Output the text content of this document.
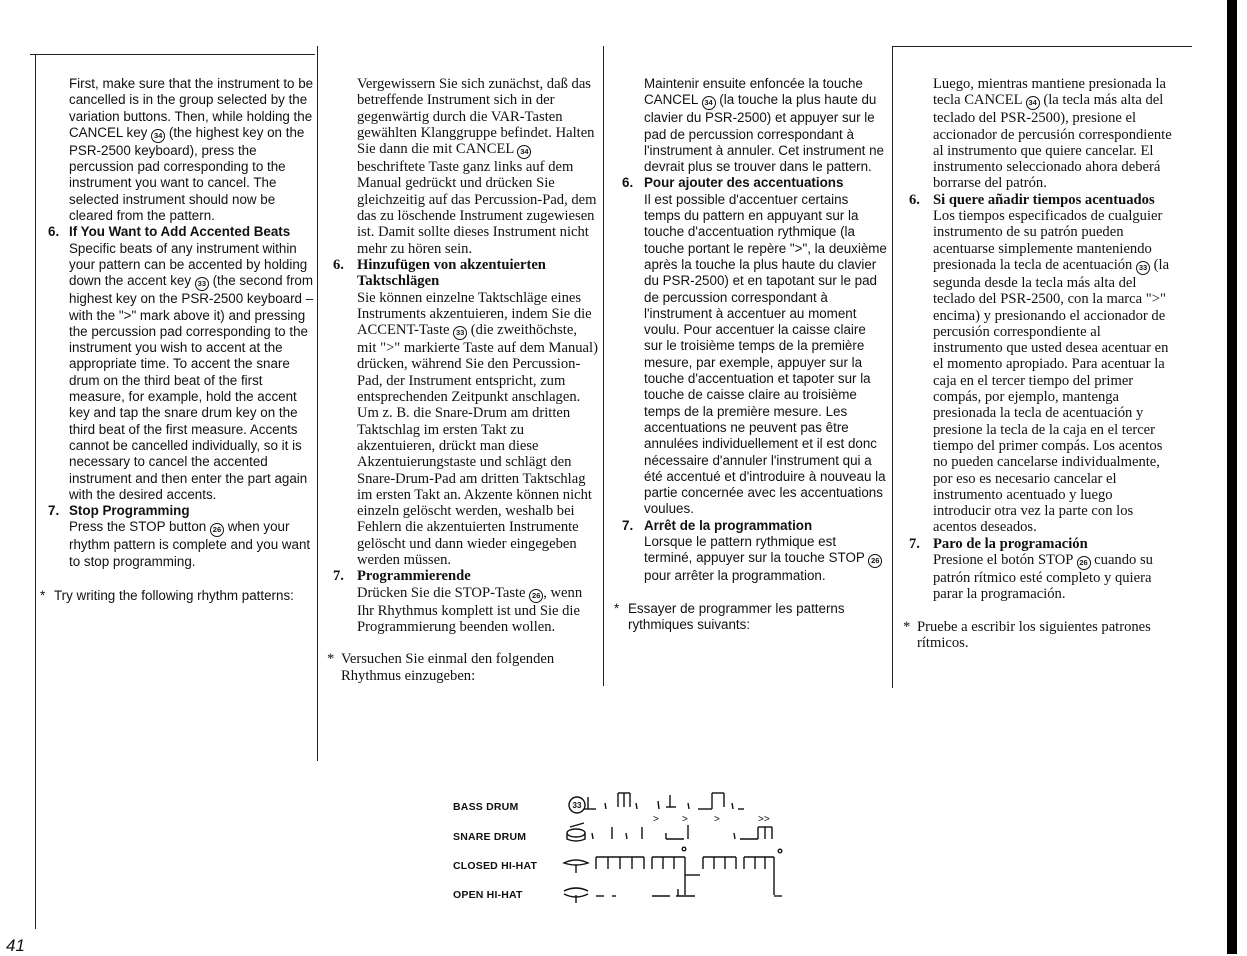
First, make sure that the instrument to be cancelled is in the group selected by the variation buttons. Then, while holding the CANCEL key 34 (the highest key on the PSR-2500 keyboard), press the percussion pad corresponding to the instrument you want to cancel. The selected instrument should now be cleared from the pattern.

6. If You Want to Add Accented Beats
Specific beats of any instrument within your pattern can be accented by holding down the accent key 33 (the second from highest key on the PSR-2500 keyboard – with the ">" mark above it) and pressing the percussion pad corresponding to the instrument you wish to accent at the appropriate time. To accent the snare drum on the third beat of the first measure, for example, hold the accent key and tap the snare drum key on the third beat of the first measure. Accents cannot be cancelled individually, so it is necessary to cancel the accented instrument and then enter the part again with the desired accents.
7. Stop Programming
Press the STOP button 26 when your rhythm pattern is complete and you want to stop programming.

* Try writing the following rhythm patterns:

Vergewissern Sie sich zunächst, daß das betreffende Instrument sich in der gegenwärtig durch die VAR-Tasten gewählten Klanggruppe befindet. Halten Sie dann die mit CANCEL 34 beschriftete Taste ganz links auf dem Manual gedrückt und drücken Sie gleichzeitig auf das Percussion-Pad, dem das zu löschende Instrument zugewiesen ist. Damit sollte dieses Instrument nicht mehr zu hören sein.

6. Hinzufügen von akzentuierten Taktschlägen
Sie können einzelne Taktschläge eines Instruments akzentuieren, indem Sie die ACCENT-Taste 33 (die zweithöchste, mit ">" markierte Taste auf dem Manual) drücken, während Sie den Percussion-Pad, der Instrument entspricht, zum entsprechenden Zeitpunkt anschlagen. Um z. B. die Snare-Drum am dritten Taktschlag im ersten Takt zu akzentuieren, drückt man diese Akzentuierungstaste und schlägt den Snare-Drum-Pad am dritten Taktschlag im ersten Takt an. Akzente können nicht einzeln gelöscht werden, weshalb bei Fehlern die akzentuierten Instrumente gelöscht und dann wieder eingegeben werden müssen.
7. Programmierende
Drücken Sie die STOP-Taste 26 , wenn Ihr Rhythmus komplett ist und Sie die Programmierung beenden wollen.

* Versuchen Sie einmal den folgenden Rhythmus einzugeben:

Maintenir ensuite enfoncée la touche CANCEL 34 (la touche la plus haute du clavier du PSR-2500) et appuyer sur le pad de percussion correspondant à l'instrument à annuler. Cet instrument ne devrait plus se trouver dans le pattern.

6. Pour ajouter des accentuations
Il est possible d'accentuer certains temps du pattern en appuyant sur la touche d'accentuation rythmique (la touche portant le repère ">", la deuxième après la touche la plus haute du clavier du PSR-2500) et en tapotant sur le pad de percussion correspondant à l'instrument à accentuer au moment voulu. Pour accentuer la caisse claire sur le troisième temps de la première mesure, par exemple, appuyer sur la touche d'accentuation et tapoter sur la touche de caisse claire au troisième temps de la première mesure. Les accentuations ne peuvent pas être annulées individuellement et il est donc nécessaire d'annuler l'instrument qui a été accentué et d'introduire à nouveau la partie concernée avec les accentuations voulues.
7. Arrêt de la programmation
Lorsque le pattern rythmique est terminé, appuyer sur la touche STOP 26 pour arrêter la programmation.

* Essayer de programmer les patterns rythmiques suivants:

Luego, mientras mantiene presionada la tecla CANCEL 34 (la tecla más alta del teclado del PSR-2500), presione el accionador de percusión correspondiente al instrumento que quiere cancelar. El instrumento seleccionado ahora deberá borrarse del patrón.

6. Si quere añadir tiempos acentuados
Los tiempos especificados de cualguier instrumento de su patrón pueden acentuarse simplemente manteniendo presionada la tecla de acentuación 33 (la segunda desde la tecla más alta del teclado del PSR-2500, con la marca ">" encima) y presionando el accionador de percusión correspondiente al instrumento que usted desea acentuar en el momento apropiado. Para acentuar la caja en el tercer tiempo del primer compás, por ejemplo, mantenga presionada la tecla de acentuación y presione la tecla de la caja en el tercer tiempo del primer compás. Los acentos no pueden cancelarse individualmente, por eso es necesario cancelar el instrumento acentuado y luego introducir otra vez la parte con los acentos deseados.
7. Paro de la programación
Presione el botón STOP 26 cuando su patrón rítmico esté completo y quiera parar la programación.

* Pruebe a escribir los siguientes patrones rítmicos.

BASS DRUM
SNARE DRUM
CLOSED HI-HAT
OPEN HI-HAT
33
> >	>	>>
41
